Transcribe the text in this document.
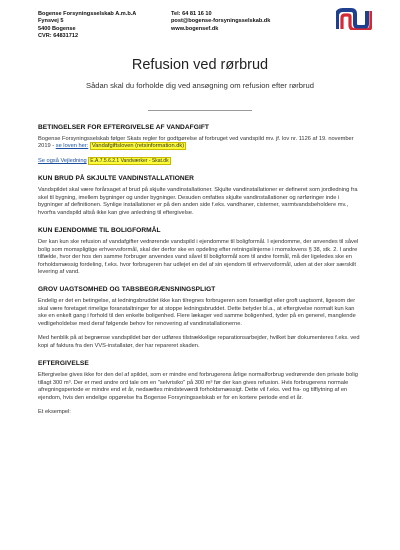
Bogense Forsyningsselskab A.m.b.A
Fynsvej 5
5400 Bogense
CVR: 64831712
Tel: 64 81 16 10
post@bogense-forsyningsselskab.dk
www.bogensef.dk
Refusion ved rørbrud
Sådan skal du forholde dig ved ansøgning om refusion efter rørbrud
BETINGELSER FOR EFTERGIVELSE AF VANDAFGIFT
Bogense Forsyningsselskab følger Skats regler for godtgørelse af forbruget ved vandspild mv. jf. lov nr. 1126 af 19. november 2019 - se loven her: Vandafgiftsloven (retsinformation.dk)
Se også Vejledning E.A.7.5.6.2.1 Vandværker - Skat.dk
KUN BRUD PÅ SKJULTE VANDINSTALLATIONER
Vandspildet skal være forårsaget af brud på skjulte vandinstallationer. Skjulte vandinstallationer er defineret som jordledning fra skel til bygning, imellem bygninger og under bygninger. Desuden omfattes skjulte vandinstallationer og rørføringer inde i bygninger af definitionen. Synlige installationer er på den anden side f.eks. vandhaner, cisterner, varmtvandsbeholdere mv., hvorfra vandspild altså ikke kan give anledning til eftergivelse.
KUN EJENDOMME TIL BOLIGFORMÅL
Der kan kun ske refusion af vandafgifter vedrørende vandspild i ejendomme til boligformål. I ejendomme, der anvendes til såvel bolig som momspligtige erhvervsformål, skal der derfor ske en opdeling efter retningslinjerne i momslovens § 38, stk. 2. I andre tilfælde, hvor der hos den samme forbruger anvendes vand såvel til boligformål som til andre formål, må der ligeledes ske en forholdsmæssig fordeling, f.eks. hvor forbrugeren har udlejet en del af sin ejendom til erhvervsformål, uden at der sker særskilt levering af vand.
GROV UAGTSOMHED OG TABSBEGRÆNSNINGSPLIGT
Endelig er det en betingelse, at ledningsbruddet ikke kan tilregnes forbrugeren som forsætligt eller groft uagtsomt, ligesom der skal være foretaget rimelige foranstaltninger for at stoppe ledningsbruddet. Dette betyder bl.a., at eftergivelse normalt kun kan ske en enkelt gang i forhold til den enkelte boligenhed. Flere lækager ved samme boligenhed, tyder på en generel, manglende vedligeholdelse med deraf følgende behov for renovering af vandinstallationerne.
Med henblik på at begrænse vandspildet bør der udføres tilstrækkelige reparationsarbejder, hvilket bør dokumenteres f.eks. ved kopi af faktura fra den VVS-installatør, der har repareret skaden.
EFTERGIVELSE
Eftergivelse gives ikke for den del af spildet, som er mindre end forbrugerens årlige normalforbrug vedrørende den private bolig tillagt 300 m³. Der er med andre ord tale om en "selvrisiko" på 300 m³ før der kan gives refusion. Hvis forbrugerens normale afregningsperiode er mindre end et år, nedsættes mindsteværdi forholdsmæssigt. Dette vil f.eks. ved fra- og tilflytning af en ejendom, hvis den endelige opgørelse fra Bogense Forsyningsselskab er for en kortere periode end et år.
Et eksempel:
